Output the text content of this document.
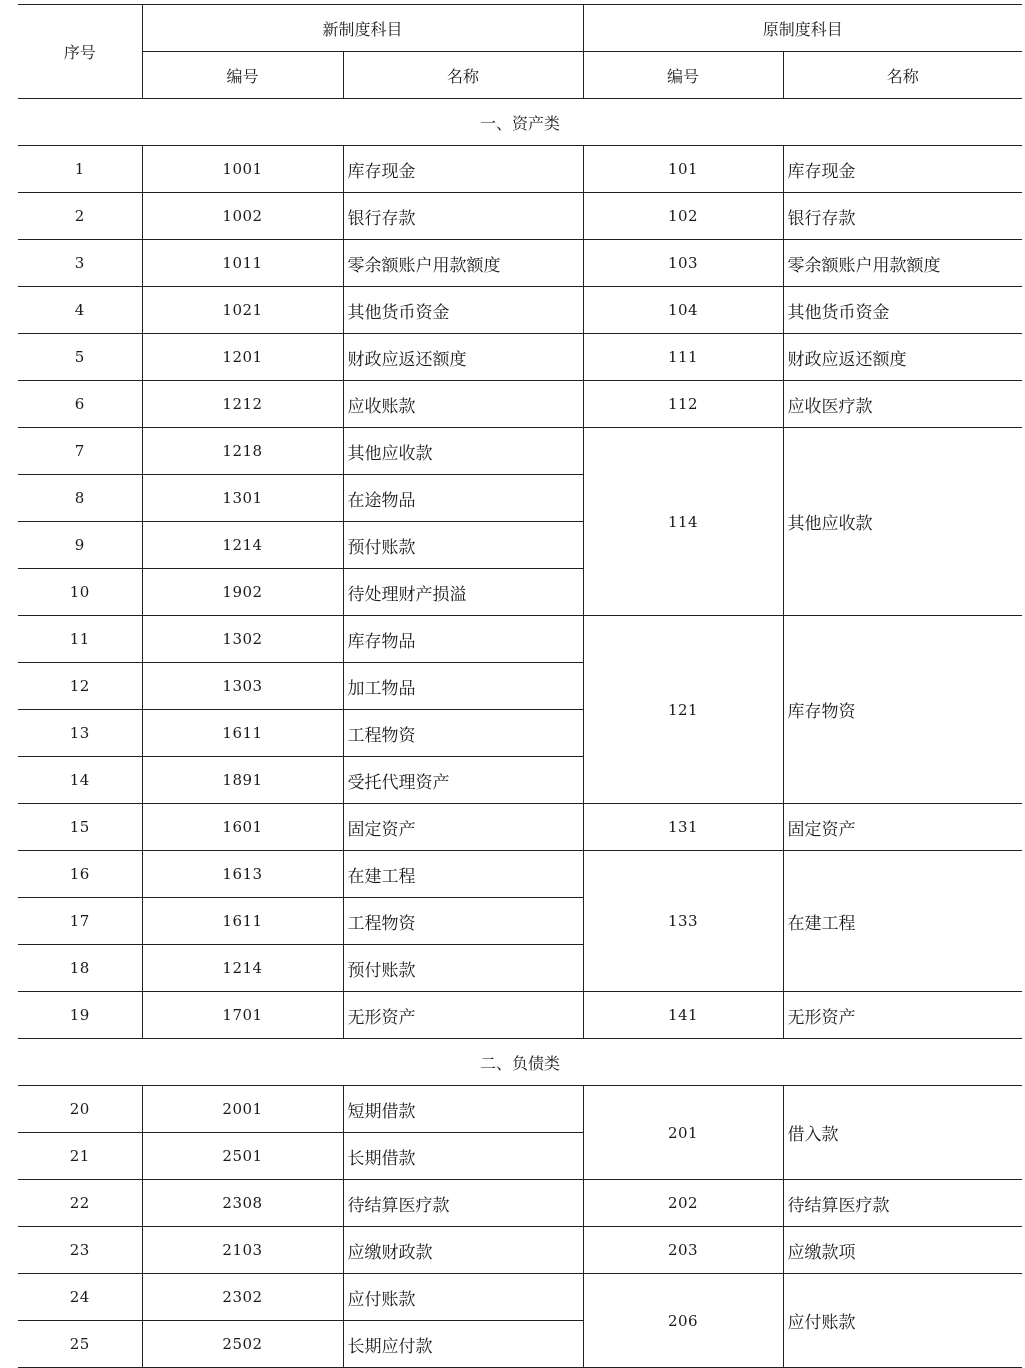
序号	新制度科目		原制度科目	
	编号	名称	编号	名称
一、资产类				
1	1001	库存现金	101	库存现金
2	1002	银行存款	102	银行存款
3	1011	零余额账户用款额度	103	零余额账户用款额度
4	1021	其他货币资金	104	其他货币资金
5	1201	财政应返还额度	111	财政应返还额度
6	1212	应收账款	112	应收医疗款
7	1218	其他应收款	114	其他应收款
8	1301	在途物品		
9	1214	预付账款		
10	1902	待处理财产损溢		
11	1302	库存物品	121	库存物资
12	1303	加工物品		
13	1611	工程物资		
14	1891	受托代理资产		
15	1601	固定资产	131	固定资产
16	1613	在建工程	133	在建工程
17	1611	工程物资		
18	1214	预付账款		
19	1701	无形资产	141	无形资产
二、负债类				
20	2001	短期借款	201	借入款
21	2501	长期借款		
22	2308	待结算医疗款	202	待结算医疗款
23	2103	应缴财政款	203	应缴款项
24	2302	应付账款	206	应付账款
25	2502	长期应付款		
